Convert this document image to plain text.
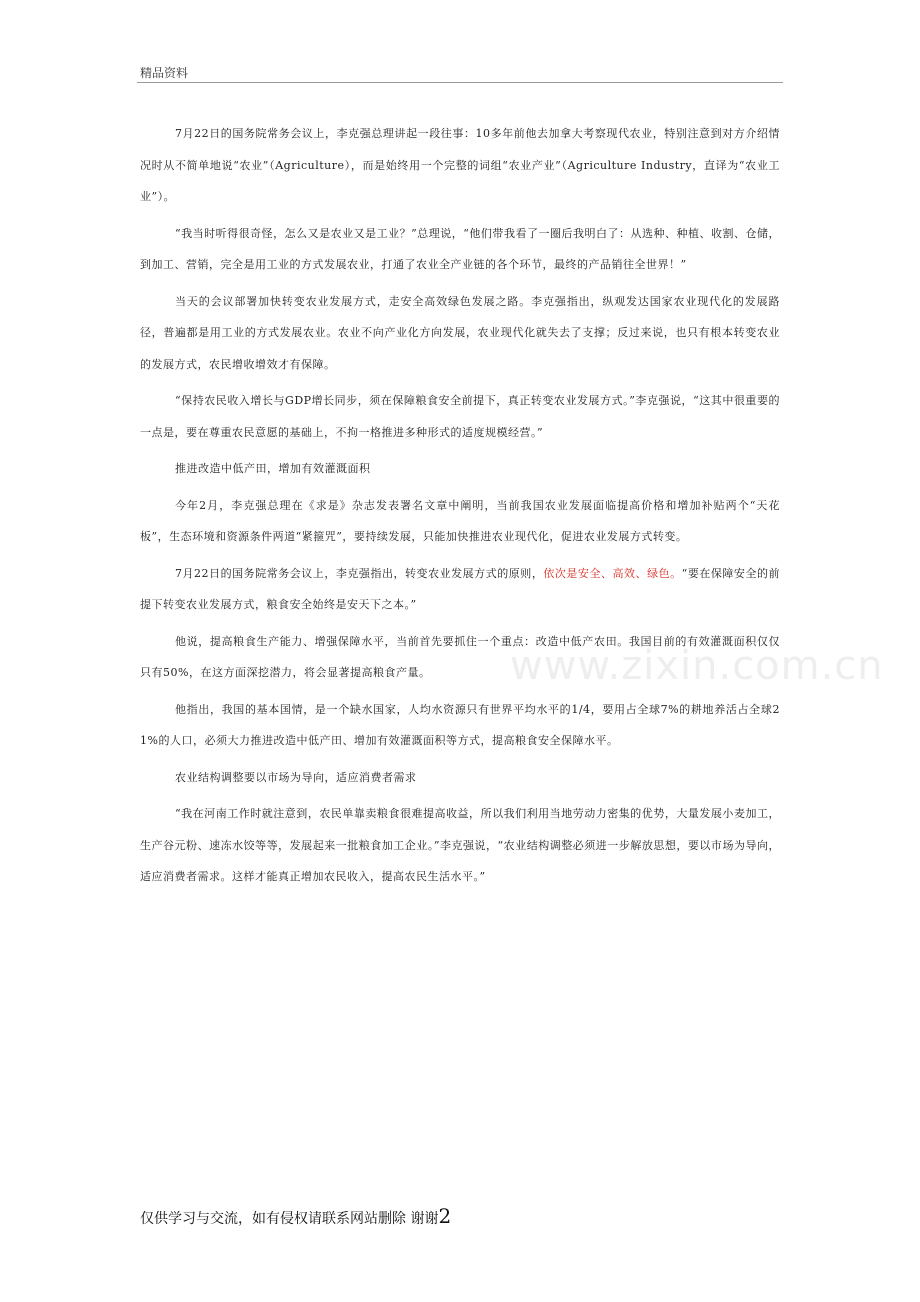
精品资料

7月22日的国务院常务会议上，李克强总理讲起一段往事：10多年前他去加拿大考察现代农业，特别注意到对方介绍情况时从不简单地说“农业”（Agriculture），而是始终用一个完整的词组“农业产业”（Agriculture Industry，直译为“农业工业”）。

“我当时听得很奇怪，怎么又是农业又是工业？”总理说，“他们带我看了一圈后我明白了：从选种、种植、收割、仓储，到加工、营销，完全是用工业的方式发展农业，打通了农业全产业链的各个环节，最终的产品销往全世界！”

当天的会议部署加快转变农业发展方式，走安全高效绿色发展之路。李克强指出，纵观发达国家农业现代化的发展路径，普遍都是用工业的方式发展农业。农业不向产业化方向发展，农业现代化就失去了支撑；反过来说，也只有根本转变农业的发展方式，农民增收增效才有保障。

“保持农民收入增长与GDP增长同步，须在保障粮食安全前提下，真正转变农业发展方式。”李克强说，“这其中很重要的一点是，要在尊重农民意愿的基础上，不拘一格推进多种形式的适度规模经营。”

推进改造中低产田，增加有效灌溉面积

今年2月，李克强总理在《求是》杂志发表署名文章中阐明，当前我国农业发展面临提高价格和增加补贴两个“天花板”，生态环境和资源条件两道“紧箍咒”，要持续发展，只能加快推进农业现代化，促进农业发展方式转变。

7月22日的国务院常务会议上，李克强指出，转变农业发展方式的原则，依次是安全、高效、绿色。“要在保障安全的前提下转变农业发展方式，粮食安全始终是安天下之本。”

他说，提高粮食生产能力、增强保障水平，当前首先要抓住一个重点：改造中低产农田。我国目前的有效灌溉面积仅仅只有50%，在这方面深挖潜力，将会显著提高粮食产量。

他指出，我国的基本国情，是一个缺水国家，人均水资源只有世界平均水平的1/4，要用占全球7%的耕地养活占全球21%的人口，必须大力推进改造中低产田、增加有效灌溉面积等方式，提高粮食安全保障水平。

农业结构调整要以市场为导向，适应消费者需求

“我在河南工作时就注意到，农民单靠卖粮食很难提高收益，所以我们利用当地劳动力密集的优势，大量发展小麦加工，生产谷元粉、速冻水饺等等，发展起来一批粮食加工企业。”李克强说，“农业结构调整必须进一步解放思想，要以市场为导向，适应消费者需求。这样才能真正增加农民收入，提高农民生活水平。”

www.zixin.com.cn
仅供学习与交流，如有侵权请联系网站删除 谢谢2
